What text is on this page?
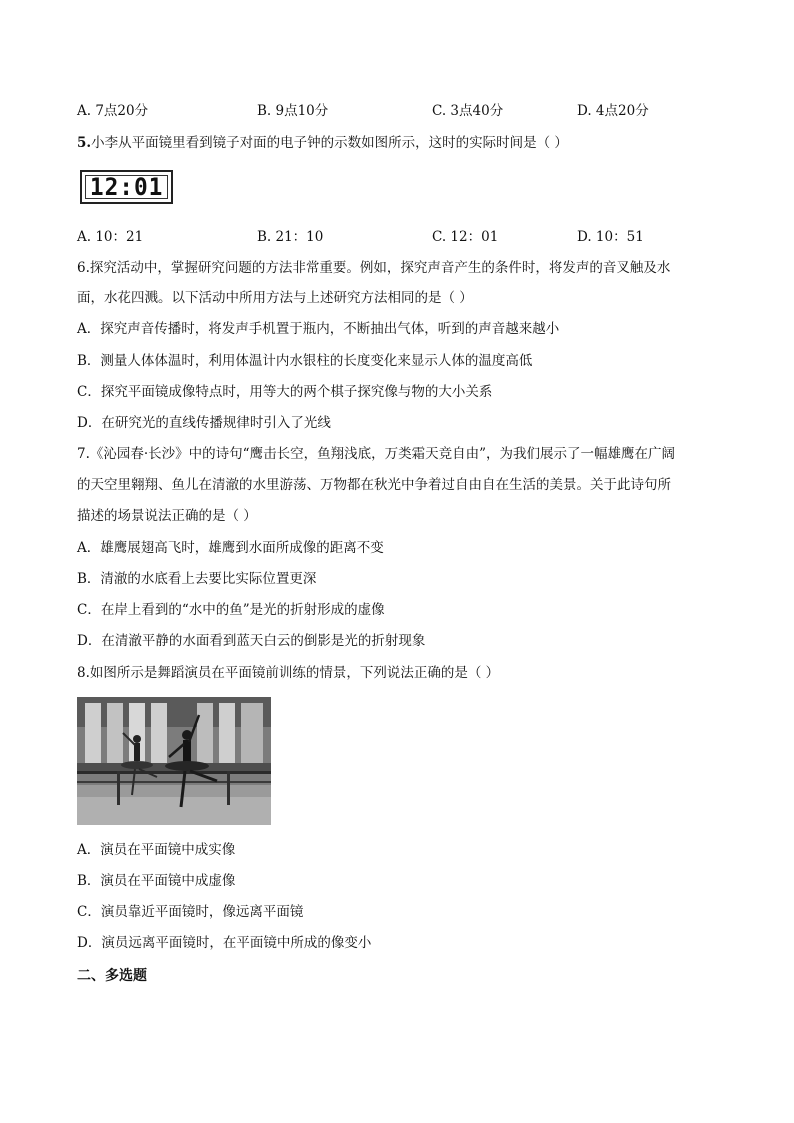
A. 7点20分	B. 9点10分	C. 3点40分	D. 4点20分
5.小李从平面镜里看到镜子对面的电子钟的示数如图所示，这时的实际时间是（ ）
12:01
A. 10：21	B. 21：10	C. 12：01	D. 10：51
6.探究活动中，掌握研究问题的方法非常重要。例如，探究声音产生的条件时，将发声的音叉触及水
面，水花四溅。以下活动中所用方法与上述研究方法相同的是（ ）
A．探究声音传播时，将发声手机置于瓶内，不断抽出气体，听到的声音越来越小
B．测量人体体温时，利用体温计内水银柱的长度变化来显示人体的温度高低
C．探究平面镜成像特点时，用等大的两个棋子探究像与物的大小关系
D．在研究光的直线传播规律时引入了光线
7.《沁园春·长沙》中的诗句“鹰击长空，鱼翔浅底，万类霜天竞自由”，为我们展示了一幅雄鹰在广阔
的天空里翱翔、鱼儿在清澈的水里游荡、万物都在秋光中争着过自由自在生活的美景。关于此诗句所
描述的场景说法正确的是（ ）
A．雄鹰展翅高飞时，雄鹰到水面所成像的距离不变
B．清澈的水底看上去要比实际位置更深
C．在岸上看到的“水中的鱼”是光的折射形成的虚像
D．在清澈平静的水面看到蓝天白云的倒影是光的折射现象
8.如图所示是舞蹈演员在平面镜前训练的情景，下列说法正确的是（ ）
A．演员在平面镜中成实像
B．演员在平面镜中成虚像
C．演员靠近平面镜时，像远离平面镜
D．演员远离平面镜时，在平面镜中所成的像变小
二、多选题
